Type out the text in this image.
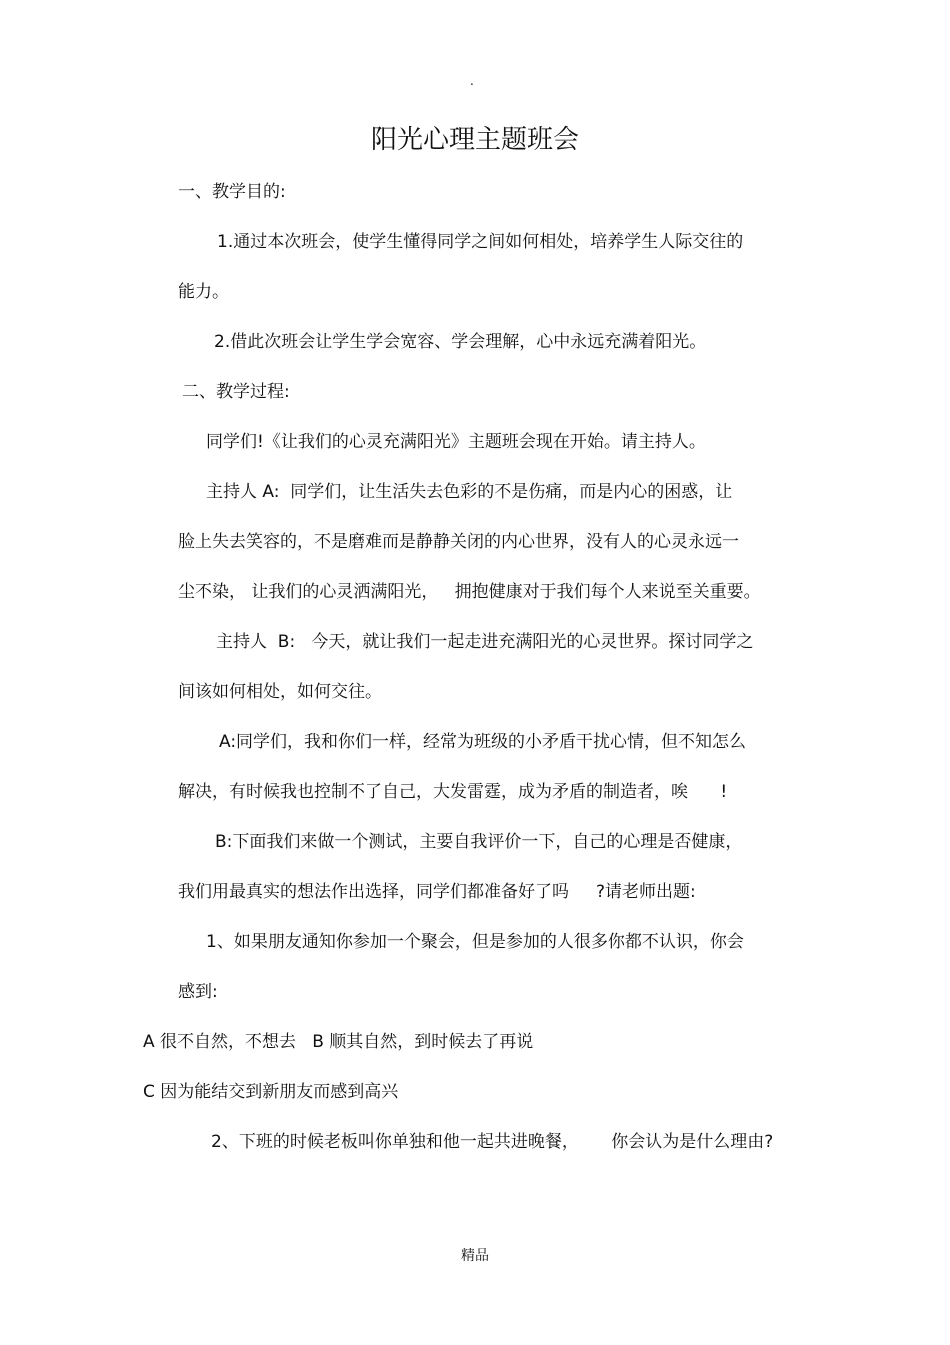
.
阳光心理主题班会
一、教学目的:
1.通过本次班会，使学生懂得同学之间如何相处，培养学生人际交往的
能力。
2.借此次班会让学生学会宽容、学会理解，心中永远充满着阳光。
二、教学过程:
同学们!《让我们的心灵充满阳光》主题班会现在开始。请主持人。
主持人 A:  同学们，让生活失去色彩的不是伤痛，而是内心的困惑，让
脸上失去笑容的，不是磨难而是静静关闭的内心世界，没有人的心灵永远一
尘不染， 让我们的心灵洒满阳光，   拥抱健康对于我们每个人来说至关重要。
主持人  B:   今天，就让我们一起走进充满阳光的心灵世界。探讨同学之
间该如何相处，如何交往。
A:同学们，我和你们一样，经常为班级的小矛盾干扰心情，但不知怎么
解决，有时候我也控制不了自己，大发雷霆，成为矛盾的制造者，唉      !
B:下面我们来做一个测试，主要自我评价一下，自己的心理是否健康，
我们用最真实的想法作出选择，同学们都准备好了吗     ?请老师出题:
1、如果朋友通知你参加一个聚会，但是参加的人很多你都不认识，你会
感到:
A 很不自然，不想去   B 顺其自然，到时候去了再说
C 因为能结交到新朋友而感到高兴
2、下班的时候老板叫你单独和他一起共进晚餐，      你会认为是什么理由?
精品
